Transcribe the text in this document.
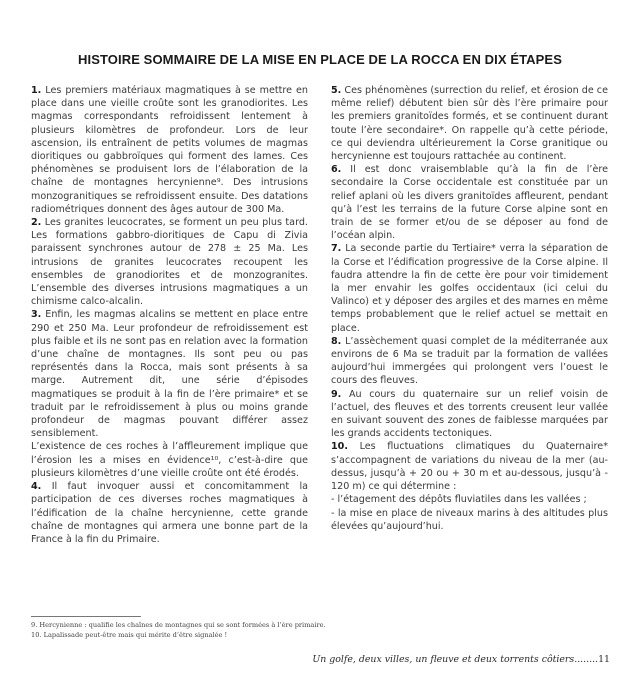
HISTOIRE SOMMAIRE DE LA MISE EN PLACE DE LA ROCCA EN DIX ÉTAPES

1. Les premiers matériaux magmatiques à se mettre en place dans une vieille croûte sont les granodiorites. Les magmas correspondants refroidissent lentement à plusieurs kilomètres de profondeur. Lors de leur ascension, ils entraînent de petits volumes de magmas dioritiques ou gabbroïques qui forment des lames. Ces phénomènes se produisent lors de l’élaboration de la chaîne de montagnes hercynienne⁹. Des intrusions monzogranitiques se refroidissent ensuite. Des datations radiométriques donnent des âges autour de 300 Ma.

2. Les granites leucocrates, se forment un peu plus tard. Les formations gabbro-dioritiques de Capu di Zivia paraissent synchrones autour de 278 ± 25 Ma. Les intrusions de granites leucocrates recoupent les ensembles de granodiorites et de monzogranites. L’ensemble des diverses intrusions magmatiques a un chimisme calco-alcalin.

3. Enfin, les magmas alcalins se mettent en place entre 290 et 250 Ma. Leur profondeur de refroidissement est plus faible et ils ne sont pas en relation avec la formation d’une chaîne de montagnes. Ils sont peu ou pas représentés dans la Rocca, mais sont présents à sa marge. Autrement dit, une série d’épisodes magmatiques se produit à la fin de l’ère primaire* et se traduit par le refroidissement à plus ou moins grande profondeur de magmas pouvant différer assez sensiblement.

L’existence de ces roches à l’affleurement implique que l’érosion les a mises en évidence¹⁰, c’est-à-dire que plusieurs kilomètres d’une vieille croûte ont été érodés.

4. Il faut invoquer aussi et concomitamment la participation de ces diverses roches magmatiques à l’édification de la chaîne hercynienne, cette grande chaîne de montagnes qui armera une bonne part de la France à la fin du Primaire.

5. Ces phénomènes (surrection du relief, et érosion de ce même relief) débutent bien sûr dès l’ère primaire pour les premiers granitoïdes formés, et se continuent durant toute l’ère secondaire*. On rappelle qu’à cette période, ce qui deviendra ultérieurement la Corse granitique ou hercynienne est toujours rattachée au continent.

6. Il est donc vraisemblable qu’à la fin de l’ère secondaire la Corse occidentale est constituée par un relief aplani où les divers granitoïdes affleurent, pendant qu’à l’est les terrains de la future Corse alpine sont en train de se former et/ou de se déposer au fond de l’océan alpin.

7. La seconde partie du Tertiaire* verra la séparation de la Corse et l’édification progressive de la Corse alpine. Il faudra attendre la fin de cette ère pour voir timidement la mer envahir les golfes occidentaux (ici celui du Valinco) et y déposer des argiles et des marnes en même temps probablement que le relief actuel se mettait en place.

8. L’assèchement quasi complet de la méditerranée aux environs de 6 Ma se traduit par la formation de vallées aujourd’hui immergées qui prolongent vers l’ouest le cours des fleuves.

9. Au cours du quaternaire sur un relief voisin de l’actuel, des fleuves et des torrents creusent leur vallée en suivant souvent des zones de faiblesse marquées par les grands accidents tectoniques.

10. Les fluctuations climatiques du Quaternaire* s’accompagnent de variations du niveau de la mer (au-dessus, jusqu’à + 20 ou + 30 m et au-dessous, jusqu’à - 120 m) ce qui détermine :

- l’étagement des dépôts fluviatiles dans les vallées ;

- la mise en place de niveaux marins à des altitudes plus élevées qu’aujourd’hui.

9. Hercynienne : qualifie les chaînes de montagnes qui se sont formées à l’ère primaire.

10. Lapalissade peut-être mais qui mérite d’être signalée !

Un golfe, deux villes, un fleuve et deux torrents côtiers........11
